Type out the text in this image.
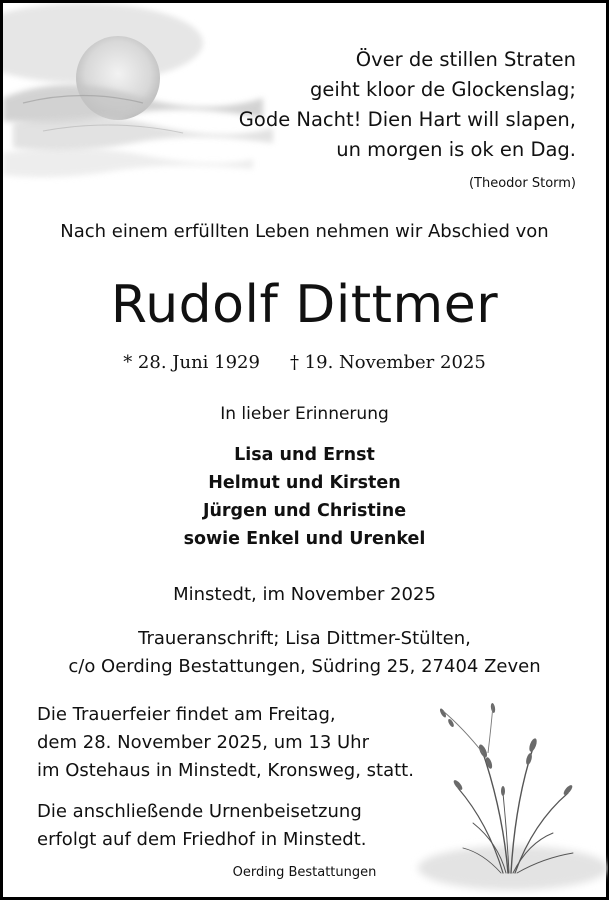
Över de stillen Straten
geiht kloor de Glockenslag;
Gode Nacht! Dien Hart will slapen,
un morgen is ok en Dag.
(Theodor Storm)
Nach einem erfüllten Leben nehmen wir Abschied von
Rudolf Dittmer
* 28. Juni 1929 † 19. November 2025
In lieber Erinnerung
Lisa und Ernst
Helmut und Kirsten
Jürgen und Christine
sowie Enkel und Urenkel
Minstedt, im November 2025
Traueranschrift; Lisa Dittmer-Stülten,
c/o Oerding Bestattungen, Südring 25, 27404 Zeven
Die Trauerfeier findet am Freitag,
dem 28. November 2025, um 13 Uhr
im Ostehaus in Minstedt, Kronsweg, statt.
Die anschließende Urnenbeisetzung
erfolgt auf dem Friedhof in Minstedt.
Oerding Bestattungen
